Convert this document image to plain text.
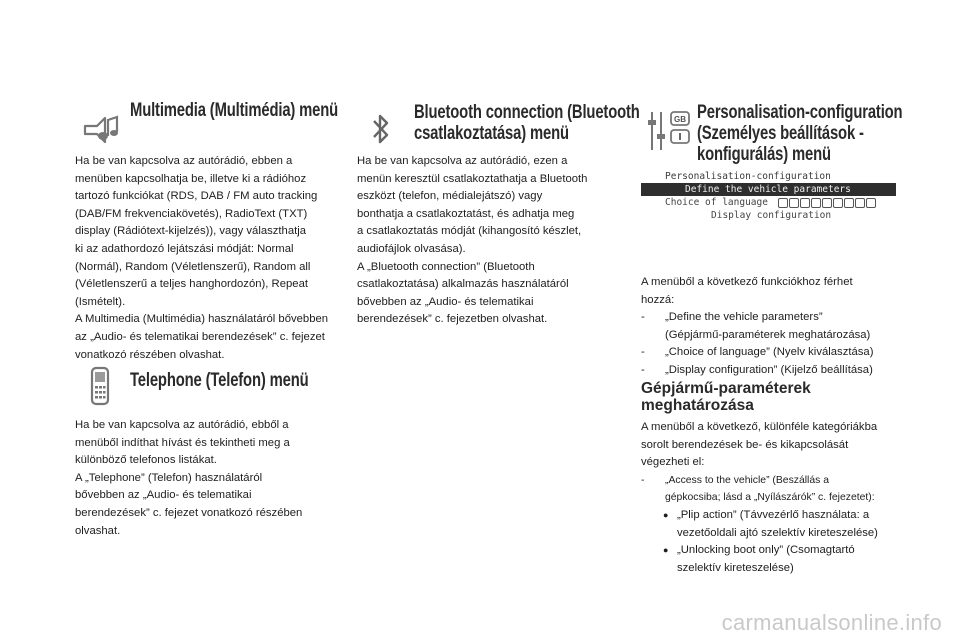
Multimedia (Multimédia) menü

Ha be van kapcsolva az autórádió, ebben a
menüben kapcsolhatja be, illetve ki a rádióhoz
tartozó funkciókat (RDS, DAB / FM auto tracking
(DAB/FM frekvenciakövetés), RadioText (TXT)
display (Rádiótext-kijelzés)), vagy választhatja
ki az adathordozó lejátszási módját: Normal
(Normál), Random (Véletlenszerű), Random all
(Véletlenszerű a teljes hanghordozón), Repeat
(Ismételt).
A Multimedia (Multimédia) használatáról bővebben
az „Audio- és telematikai berendezések” c. fejezet
vonatkozó részében olvashat.

Telephone (Telefon) menü

Ha be van kapcsolva az autórádió, ebből a
menüből indíthat hívást és tekintheti meg a
különböző telefonos listákat.
A „Telephone” (Telefon) használatáról
bővebben az „Audio- és telematikai
berendezések” c. fejezet vonatkozó részében
olvashat.

Bluetooth connection (Bluetooth
csatlakoztatása) menü

Ha be van kapcsolva az autórádió, ezen a
menün keresztül csatlakoztathatja a Bluetooth
eszközt (telefon, médialejátszó) vagy
bonthatja a csatlakoztatást, és adhatja meg
a csatlakoztatás módját (kihangosító készlet,
audiofájlok olvasása).
A „Bluetooth connection” (Bluetooth
csatlakoztatása) alkalmazás használatáról
bővebben az „Audio- és telematikai
berendezések” c. fejezetben olvashat.

GB Personalisation-configuration
(Személyes beállítások -
konfigurálás) menü
Personalisation-configuration
Define the vehicle parameters
Choice of language
Display configuration

A menüből a következő funkciókhoz férhet
hozzá:

- „Define the vehicle parameters”
(Gépjármű-paraméterek meghatározása)

- „Choice of language” (Nyelv kiválasztása)

- „Display configuration” (Kijelző beállítása)

Gépjármű-paraméterek
meghatározása

A menüből a következő, különféle kategóriákba
sorolt berendezések be- és kikapcsolását
végezheti el:

- „Access to the vehicle” (Beszállás a
gépkocsiba; lásd a „Nyílászárók” c. fejezetet):

● „Plip action” (Távvezérlő használata: a
vezetőoldali ajtó szelektív kireteszelése)

● „Unlocking boot only” (Csomagtartó
szelektív kireteszelése)

carmanualsonline.info
